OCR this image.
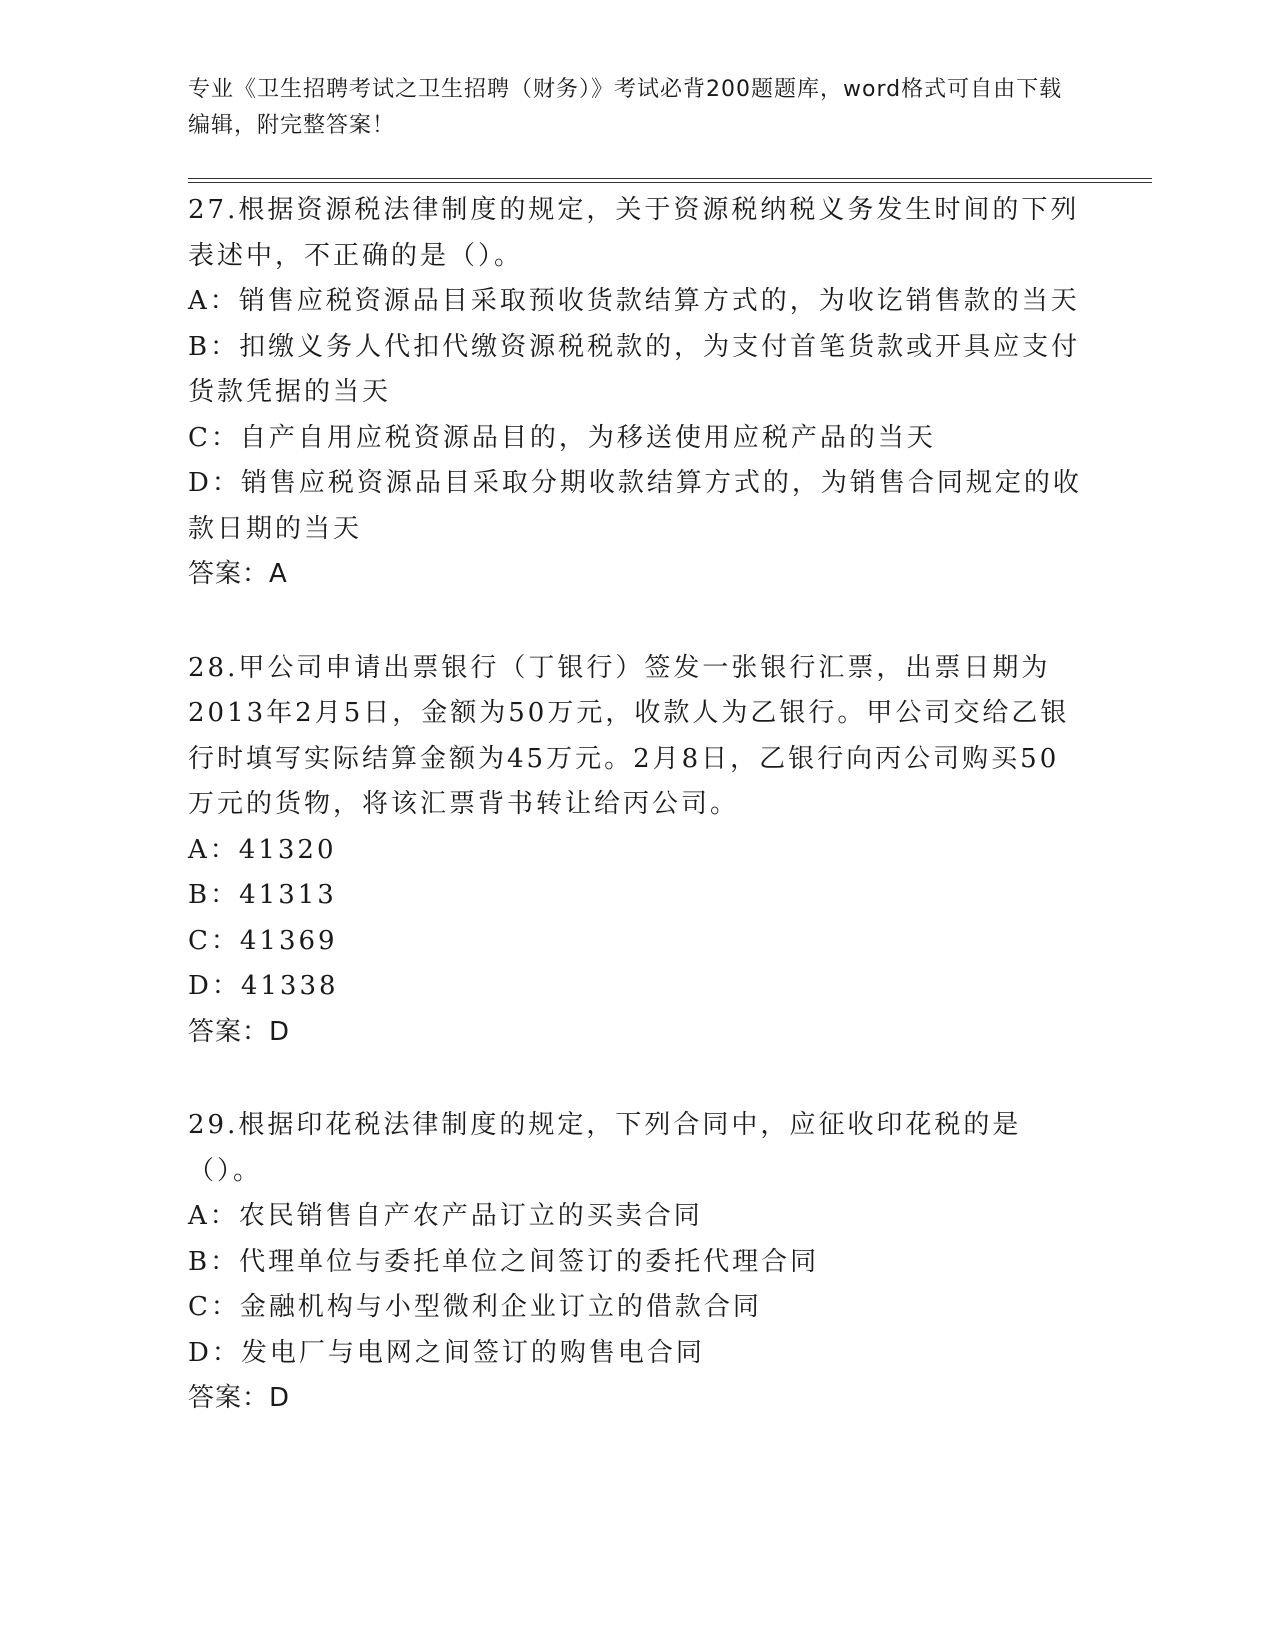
专业《卫生招聘考试之卫生招聘（财务）》考试必背200题题库，word格式可自由下载编辑，附完整答案！
27.根据资源税法律制度的规定，关于资源税纳税义务发生时间的下列表述中，不正确的是（）。
A：销售应税资源品目采取预收货款结算方式的，为收讫销售款的当天
B：扣缴义务人代扣代缴资源税税款的，为支付首笔货款或开具应支付货款凭据的当天
C：自产自用应税资源品目的，为移送使用应税产品的当天
D：销售应税资源品目采取分期收款结算方式的，为销售合同规定的收款日期的当天
答案：A
28.甲公司申请出票银行（丁银行）签发一张银行汇票，出票日期为2013年2月5日，金额为50万元，收款人为乙银行。甲公司交给乙银行时填写实际结算金额为45万元。2月8日，乙银行向丙公司购买50万元的货物，将该汇票背书转让给丙公司。
A：41320
B：41313
C：41369
D：41338
答案：D
29.根据印花税法律制度的规定，下列合同中，应征收印花税的是（）。
A：农民销售自产农产品订立的买卖合同
B：代理单位与委托单位之间签订的委托代理合同
C：金融机构与小型微利企业订立的借款合同
D：发电厂与电网之间签订的购售电合同
答案：D
